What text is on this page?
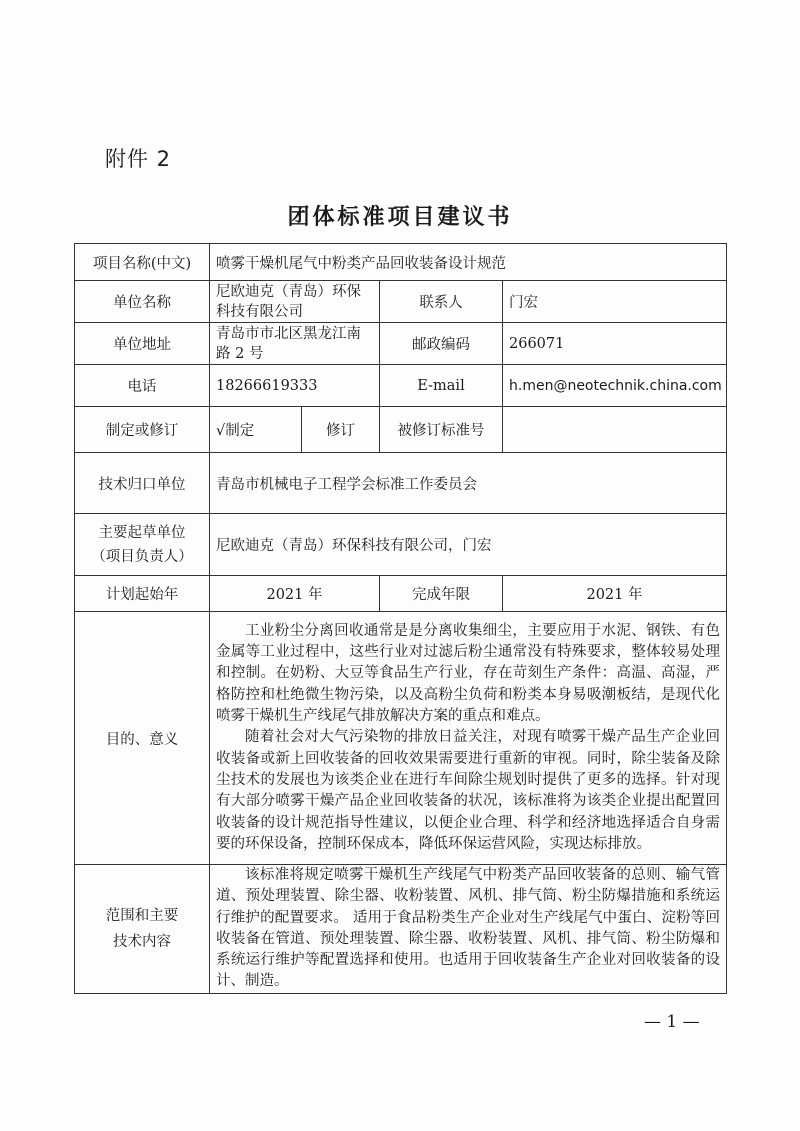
附件 2
团体标准项目建议书
项目名称(中文)	喷雾干燥机尾气中粉类产品回收装备设计规范			
单位名称	尼欧迪克（青岛）环保科技有限公司		联系人	门宏
单位地址	青岛市市北区黑龙江南路 2 号		邮政编码	266071
电话	18266619333		E-mail	h.men@neotechnik.china.com
制定或修订	√制定	修订	被修订标准号	
技术归口单位	青岛市机械电子工程学会标准工作委员会			

主要起草单位
（项目负责人）	尼欧迪克（青岛）环保科技有限公司，门宏			
计划起始年	2021 年		完成年限	2021 年
目的、意义	工业粉尘分离回收通常是是分离收集细尘，主要应用于水泥、钢铁、有色金属等工业过程中，这些行业对过滤后粉尘通常没有特殊要求，整体较易处理和控制。在奶粉、大豆等食品生产行业，存在苛刻生产条件：高温、高湿，严格防控和杜绝微生物污染，以及高粉尘负荷和粉类本身易吸潮板结，是现代化喷雾干燥机生产线尾气排放解决方案的重点和难点。

随着社会对大气污染物的排放日益关注，对现有喷雾干燥产品生产企业回收装备或新上回收装备的回收效果需要进行重新的审视。同时，除尘装备及除尘技术的发展也为该类企业在进行车间除尘规划时提供了更多的选择。针对现有大部分喷雾干燥产品企业回收装备的状况，该标准将为该类企业提出配置回收装备的设计规范指导性建议，以便企业合理、科学和经济地选择适合自身需要的环保设备，控制环保成本，降低环保运营风险，实现达标排放。			

范围和主要
技术内容	该标准将规定喷雾干燥机生产线尾气中粉类产品回收装备的总则、输气管道、预处理装置、除尘器、收粉装置、风机、排气筒、粉尘防爆措施和系统运行维护的配置要求。 适用于食品粉类生产企业对生产线尾气中蛋白、淀粉等回收装备在管道、预处理装置、除尘器、收粉装置、风机、排气筒、粉尘防爆和系统运行维护等配置选择和使用。也适用于回收装备生产企业对回收装备的设计、制造。			

— 1 —
